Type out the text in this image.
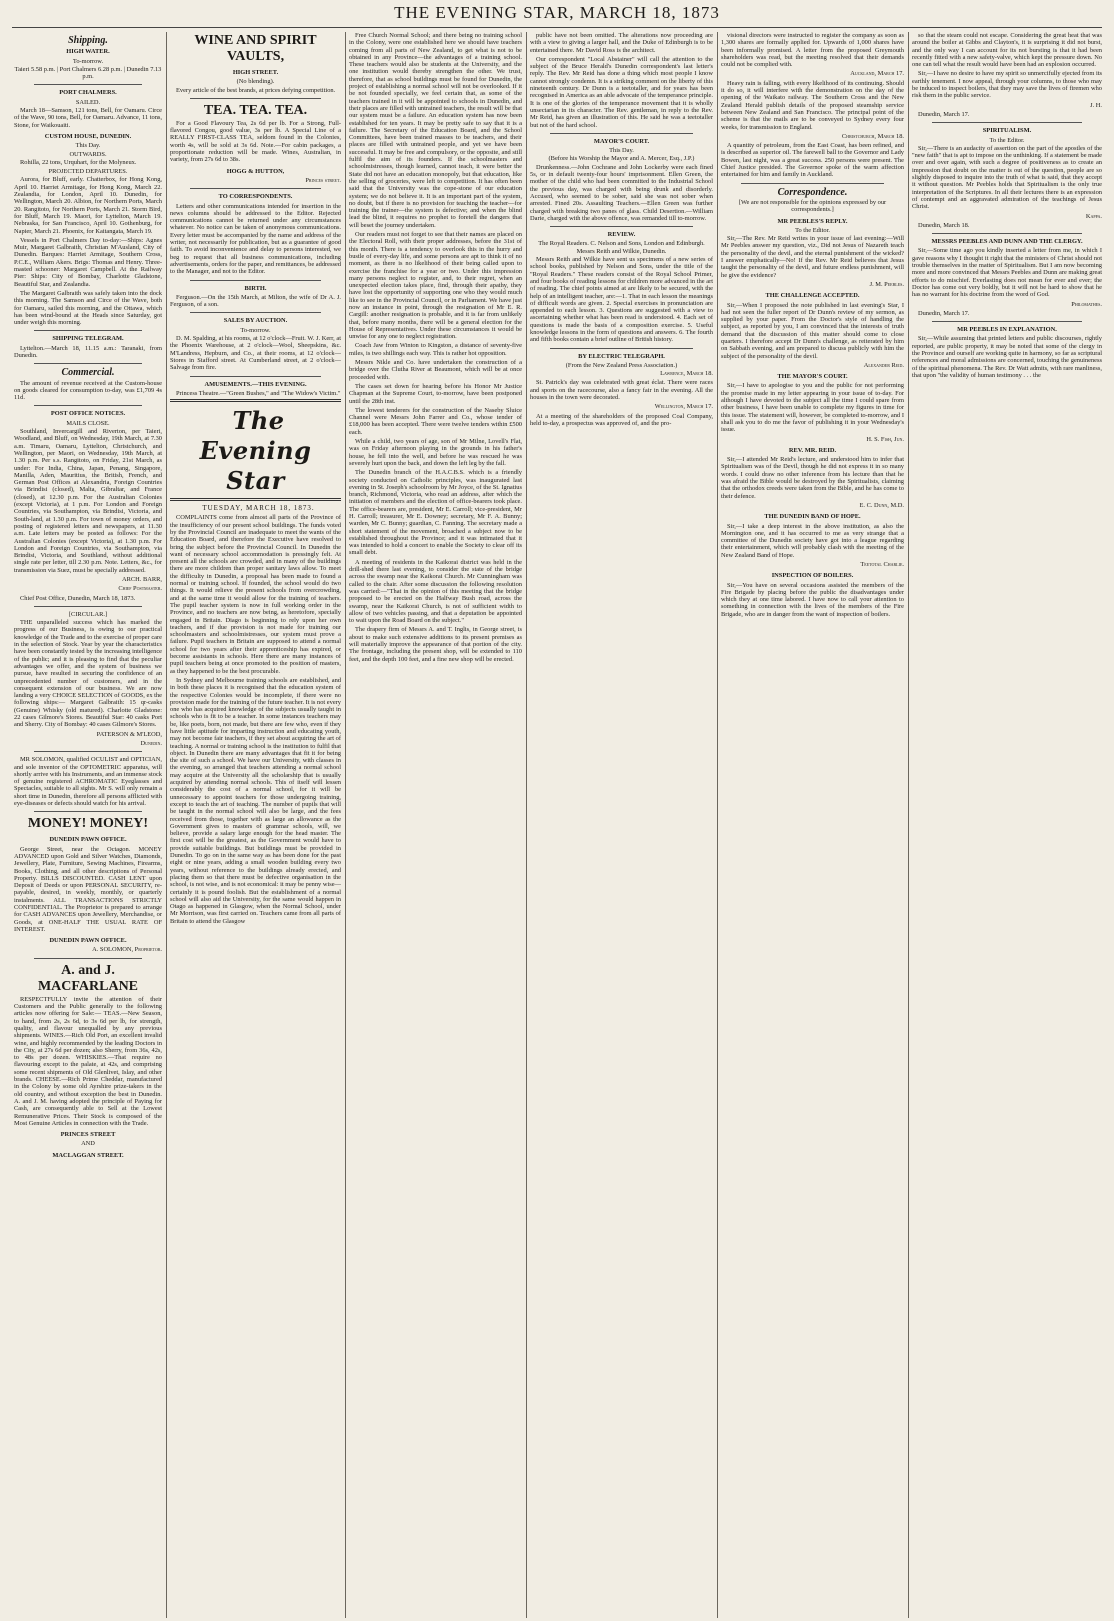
THE EVENING STAR, MARCH 18, 1873

Shipping.

HIGH WATER.

To-morrow.

Taieri 5.58 p.m. | Port Chalmers 6.28 p.m. | Dunedin 7.13 p.m.

PORT CHALMERS.

SAILED.

March 18—Samson, 121 tons, Bell, for Oamaru. Circe of the Wave, 90 tons, Bell, for Oamaru. Advance, 11 tons, Stone, for Waikouaiti.

CUSTOM HOUSE, DUNEDIN.

This Day.

OUTWARDS.

Rohilla, 22 tons, Urquhart, for the Molyneux.

PROJECTED DEPARTURES.

Aurora, for Bluff, early. Chatterbox, for Hong Kong, April 10. Harriet Armitage, for Hong Kong, March 22. Zealandia, for London, April 10. Dunedin, for Wellington, March 20. Albion, for Northern Ports, March 20. Rangitoto, for Northern Ports, March 21. Storm Bird, for Bluff, March 19. Maori, for Lyttelton, March 19. Nebraska, for San Francisco, April 10. Gothenburg, for Napier, March 21. Phoenix, for Kaitangata, March 19.

Vessels in Port Chalmers Day to-day:—Ships: Agnes Muir, Margaret Galbraith, Christian M'Ausland, City of Dunedin. Barques: Harriet Armitage, Southern Cross, P.C.E., William Akers. Brigs: Thomas and Henry. Three-masted schooner: Margaret Campbell. At the Railway Pier: Ships: City of Bombay, Charlotte Gladstone, Beautiful Star, and Zealandia.

The Margaret Galbraith was safely taken into the dock this morning. The Samson and Circe of the Wave, both for Oamaru, sailed this morning, and the Ottawa, which has been wind-bound at the Heads since Saturday, got under weigh this morning.

SHIPPING TELEGRAM.

Lyttelton.—March 18, 11.15 a.m.: Taranaki, from Dunedin.

Commercial.

The amount of revenue received at the Custom-house on goods cleared for consumption to-day, was £1,709 4s 11d.

POST OFFICE NOTICES.

MAILS CLOSE.

Southland, Invercargill and Riverton, per Taieri, Woodland, and Bluff, on Wednesday, 19th March, at 7.30 a.m. Timaru, Oamaru, Lyttelton, Christchurch, and Wellington, per Maori, on Wednesday, 19th March, at 1.30 p.m. Per s.s. Rangitoto, on Friday, 21st March, as under: For India, China, Japan, Penang, Singapore, Manilla, Aden, Mauritius, the British, French, and German Post Offices at Alexandria, Foreign Countries via Brindisi (closed), Malta, Gibraltar, and France (closed), at 12.30 p.m. For the Australian Colonies (except Victoria), at 1 p.m. For London and Foreign Countries, via Southampton, via Brindisi, Victoria, and South-land, at 1.30 p.m. For town of money orders, and posting of registered letters and newspapers, at 11.30 a.m. Late letters may be posted as follows: For the Australian Colonies (except Victoria), at 1.30 p.m. For London and Foreign Countries, via Southampton, via Brindisi, Victoria, and Southland, without additional single rate per letter, till 2.30 p.m. Note. Letters, &c., for transmission via Suez, must be specially addressed.

ARCH. BARR,

Chief Postmaster.

Chief Post Office, Dunedin, March 18, 1873.

[CIRCULAR.]

THE unparalleled success which has marked the progress of our Business, is owing to our practical knowledge of the Trade and to the exercise of proper care in the selection of Stock. Year by year the characteristics have been constantly tested by the increasing intelligence of the public; and it is pleasing to find that the peculiar advantages we offer, and the system of business we pursue, have resulted in securing the confidence of an unprecedented number of customers, and in the consequent extension of our business. We are now landing a very CHOICE SELECTION of GOODS, ex the following ships:— Margaret Galbraith: 15 qr-casks (Genuine) Whisky (old matured). Charlotte Gladstone: 22 cases Gilmore's Stores. Beautiful Star: 40 casks Port and Sherry. City of Bombay: 40 cases Gilmore's Stores.

PATERSON & M'LEOD,

Dunedin.

MR SOLOMON, qualified OCULIST and OPTICIAN, and sole inventor of the OPTOMETRIC apparatus, will shortly arrive with his Instruments, and an immense stock of genuine registered ACHROMATIC Eyeglasses and Spectacles, suitable to all sights. Mr S. will only remain a short time in Dunedin, therefore all persons afflicted with eye-diseases or defects should watch for his arrival.

MONEY! MONEY!

DUNEDIN PAWN OFFICE.

George Street, near the Octagon. MONEY ADVANCED upon Gold and Silver Watches, Diamonds, Jewellery, Plate, Furniture, Sewing Machines, Firearms, Books, Clothing, and all other descriptions of Personal Property. BILLS DISCOUNTED. CASH LENT upon Deposit of Deeds or upon PERSONAL SECURITY, re-payable, desired, in weekly, monthly, or quarterly instalments. ALL TRANSACTIONS STRICTLY CONFIDENTIAL. The Proprietor is prepared to arrange for CASH ADVANCES upon Jewellery, Merchandise, or Goods, at ONE-HALF THE USUAL RATE OF INTEREST.

DUNEDIN PAWN OFFICE.

A. SOLOMON, Proprietor.

A. and J. MACFARLANE

RESPECTFULLY invite the attention of their Customers and the Public generally to the following articles now offering for Sale:— TEAS.—New Season, to hand, from 2s, 2s 6d, to 3s 6d per lb, for strength, quality, and flavour unequalled by any previous shipments. WINES.—Rich Old Port, an excellent invalid wine, and highly recommended by the leading Doctors in the City, at 27s 6d per dozen; also Sherry, from 36s, 42s, to 48s per dozen. WHISKIES.—That require no flavouring except to the palate, at 42s, and comprising some recent shipments of Old Glenlivet, Islay, and other brands. CHEESE.—Rich Prime Cheddar, manufactured in the Colony by some old Ayrshire prize-takers in the old country, and without exception the best in Dunedin. A. and J. M. having adopted the principle of Paying for Cash, are consequently able to Sell at the Lowest Remunerative Prices. Their Stock is composed of the Most Genuine Articles in connection with the Trade.

PRINCES STREET

AND

MACLAGGAN STREET.

WINE AND SPIRIT VAULTS,

HIGH STREET.

(No blending).

Every article of the best brands, at prices defying competition.

TEA. TEA. TEA.

For a Good Flavoury Tea, 2s 6d per lb. For a Strong, Full-flavored Congou, good value, 3s per lb. A Special Line of a REALLY FIRST-CLASS TEA, seldom found in the Colonies, worth 4s, will be sold at 3s 6d. Note.—For cabin packages, a proportionate reduction will be made. Wines, Australian, in variety, from 27s 6d to 38s.

HOGG & HUTTON,

Princes street.

TO CORRESPONDENTS.

Letters and other communications intended for insertion in the news columns should be addressed to the Editor. Rejected communications cannot be returned under any circumstances whatever. No notice can be taken of anonymous communications. Every letter must be accompanied by the name and address of the writer, not necessarily for publication, but as a guarantee of good faith. To avoid inconvenience and delay to persons interested, we beg to request that all business communications, including advertisements, orders for the paper, and remittances, be addressed to the Manager, and not to the Editor.

BIRTH.

Ferguson.—On the 15th March, at Milton, the wife of Dr A. J. Ferguson, of a son.

SALES BY AUCTION.

To-morrow.

D. M. Spalding, at his rooms, at 12 o'clock—Fruit. W. J. Kerr, at the Phoenix Warehouse, at 2 o'clock—Wool, Sheepskins, &c. M'Landress, Hepburn, and Co., at their rooms, at 12 o'clock—Stores in Stafford street. At Cumberland street, at 2 o'clock—Salvage from fire.

AMUSEMENTS.—THIS EVENING.

Princess Theatre.—"Green Bushes," and "The Widow's Victim."

The Evening Star

TUESDAY, MARCH 18, 1873.

COMPLAINTS come from almost all parts of the Province of the insufficiency of our present school buildings. The funds voted by the Provincial Council are inadequate to meet the wants of the Education Board, and therefore the Executive have resolved to bring the subject before the Provincial Council. In Dunedin the want of necessary school accommodation is pressingly felt. At present all the schools are crowded, and in many of the buildings there are more children than proper sanitary laws allow. To meet the difficulty in Dunedin, a proposal has been made to found a normal or training school. If founded, the school would do two things. It would relieve the present schools from overcrowding, and at the same time it would allow for the training of teachers. The pupil teacher system is now in full working order in the Province, and no teachers are now being, as heretofore, specially engaged in Britain. Diago is beginning to rely upon her own teachers, and if due provision is not made for training our schoolmasters and schoolmistresses, our system must prove a failure. Pupil teachers in Britain are supposed to attend a normal school for two years after their apprenticeship has expired, or become assistants in schools. Here there are many instances of pupil teachers being at once promoted to the position of masters, as they happened to be the best procurable.

In Sydney and Melbourne training schools are established, and in both these places it is recognised that the education system of the respective Colonies would be incomplete, if there were no provision made for the training of the future teacher. It is not every one who has acquired knowledge of the subjects usually taught in schools who is fit to be a teacher. In some instances teachers may be, like poets, born, not made, but there are few who, even if they have little aptitude for imparting instruction and educating youth, may not become fair teachers, if they set about acquiring the art of teaching. A normal or training school is the institution to fulfil that object. In Dunedin there are many advantages that fit it for being the site of such a school. We have our University, with classes in the evening, so arranged that teachers attending a normal school may acquire at the University all the scholarship that is usually acquired by attending normal schools. This of itself will lessen considerably the cost of a normal school, for it will be unnecessary to appoint teachers for those undergoing training, except to teach the art of teaching. The number of pupils that will be taught in the normal school will also be large, and the fees received from those, together with as large an allowance as the Government gives to masters of grammar schools, will, we believe, provide a salary large enough for the head master. The first cost will be the greatest, as the Government would have to provide suitable buildings. But buildings must be provided in Dunedin. To go on in the same way as has been done for the past eight or nine years, adding a small wooden building every two years, without reference to the buildings already erected, and placing them so that there must be defective organisation in the school, is not wise, and is not economical: it may be penny wise—certainly it is pound foolish. But the establishment of a normal school will also aid the University, for the same would happen in Otago as happened in Glasgow, when the Normal School, under Mr Morrison, was first carried on. Teachers came from all parts of Britain to attend the Glasgow

Free Church Normal School; and there being no training school in the Colony, were one established here we should have teachers coming from all parts of New Zealand, to get what is not to be obtained in any Province—the advantages of a training school. These teachers would also be students at the University, and the one institution would thereby strengthen the other. We trust, therefore, that as school buildings must be found for Dunedin, the project of establishing a normal school will not be overlooked. If it be not founded specially, we feel certain that, as some of the teachers trained in it will be appointed to schools in Dunedin, and their places are filled with untrained teachers, the result will be that our system must be a failure. An education system has now been established for ten years. It may be pretty safe to say that it is a failure. The Secretary of the Education Board, and the School Committees, have been trained masses to be teachers, and their places are filled with untrained people, and yet we have been successful. It may be free and compulsory, or the opposite, and still fulfil the aim of its founders. If the schoolmasters and schoolmistresses, though learned, cannot teach, it were better the State did not have an education monopoly, but that education, like the selling of groceries, were left to competition. It has often been said that the University was the cope-stone of our education system; we do not believe it. It is an important part of the system, no doubt, but if there is no provision for teaching the teacher—for training the trainer—the system is defective; and when the blind lead the blind, it requires no prophet to foretell the dangers that will beset the journey undertaken.

Our readers must not forget to see that their names are placed on the Electoral Roll, with their proper addresses, before the 31st of this month. There is a tendency to overlook this in the hurry and bustle of every-day life, and some persons are apt to think it of no moment, as there is no likelihood of their being called upon to exercise the franchise for a year or two. Under this impression many persons neglect to register, and, to their regret, when an unexpected election takes place, find, through their apathy, they have lost the opportunity of supporting one who they would much like to see in the Provincial Council, or in Parliament. We have just now an instance in point, through the resignation of Mr E. R. Cargill: another resignation is probable, and it is far from unlikely that, before many months, there will be a general election for the House of Representatives. Under these circumstances it would be unwise for any one to neglect registration.

Coach Jaw from Winton to Kingston, a distance of seventy-five miles, is two shillings each way. This is rather hot opposition.

Messrs Nikle and Co. have undertaken the construction of a bridge over the Clutha River at Beaumont, which will be at once proceeded with.

The cases set down for hearing before his Honor Mr Justice Chapman at the Supreme Court, to-morrow, have been postponed until the 28th inst.

The lowest tenderers for the construction of the Naseby Sluice Channel were Messrs John Farrer and Co., whose tender of £18,000 has been accepted. There were twelve tenders within £500 each.

While a child, two years of age, son of Mr Milne, Lovell's Flat, was on Friday afternoon playing in the grounds in his father's house, he fell into the well, and before he was rescued he was severely hurt upon the back, and down the left leg by the fall.

The Dunedin branch of the H.A.C.B.S. which is a friendly society conducted on Catholic principles, was inaugurated last evening in St. Joseph's schoolroom by Mr Joyce, of the St. Ignatius branch, Richmond, Victoria, who read an address, after which the initiation of members and the election of office-bearers took place. The office-bearers are, president, Mr E. Carroll; vice-president, Mr H. Carroll; treasurer, Mr E. Downey; secretary, Mr F. A. Bunny; warden, Mr C. Bunny; guardian, C. Fanning. The secretary made a short statement of the movement, broached a subject now to be established throughout the Province; and it was intimated that it was intended to hold a concert to enable the Society to clear off its small debt.

A meeting of residents in the Kaikorai district was held in the drill-shed there last evening, to consider the state of the bridge across the swamp near the Kaikorai Church. Mr Cunningham was called to the chair. After some discussion the following resolution was carried:—"That in the opinion of this meeting that the bridge proposed to be erected on the Halfway Bush road, across the swamp, near the Kaikorai Church, is not of sufficient width to allow of two vehicles passing, and that a deputation be appointed to wait upon the Road Board on the subject."

The drapery firm of Messrs A. and T. Inglis, in George street, is about to make such extensive additions to its present premises as will materially improve the appearance of that portion of the city. The frontage, including the present shop, will be extended to 110 feet, and the depth 100 feet, and a fine new shop will be erected.

public have not been omitted. The alterations now proceeding are with a view to giving a larger hall, and the Duke of Edinburgh is to be entertained there. Mr David Ross is the architect.

Our correspondent "Local Abstainer" will call the attention to the subject of the Bruce Herald's Dunedin correspondent's last letter's reply. The Rev. Mr Reid has done a thing which most people I know cannot strongly condemn. It is a striking comment on the liberty of this nineteenth century. Dr Dunn is a teetotaller, and for years has been recognised in America as an able advocate of the temperance principle. It is one of the glories of the temperance movement that it is wholly unsectarian in its character. The Rev. gentleman, in reply to the Rev. Mr Reid, has given an illustration of this. He said he was a teetotaller but not of the hard school.

MAYOR'S COURT.

This Day.

(Before his Worship the Mayor and A. Mercer, Esq., J.P.)

Drunkenness.—John Cochrane and John Lockerby were each fined 5s, or in default twenty-four hours' imprisonment. Ellen Green, the mother of the child who had been committed to the Industrial School the previous day, was charged with being drunk and disorderly. Accused, who seemed to be sober, said she was not sober when arrested. Fined 20s. Assaulting Teachers.—Ellen Green was further charged with breaking two panes of glass. Child Desertion.—William Darie, charged with the above offence, was remanded till to-morrow.

REVIEW.

The Royal Readers. C. Nelson and Sons, London and Edinburgh. Messrs Reith and Wilkie, Dunedin.

Messrs Reith and Wilkie have sent us specimens of a new series of school books, published by Nelson and Sons, under the title of the "Royal Readers." These readers consist of the Royal School Primer, and four books of reading lessons for children more advanced in the art of reading. The chief points aimed at are likely to be secured, with the help of an intelligent teacher, are:—1. That in each lesson the meanings of difficult words are given. 2. Special exercises in pronunciation are appended to each lesson. 3. Questions are suggested with a view to ascertaining whether what has been read is understood. 4. Each set of questions is made the basis of a composition exercise. 5. Useful knowledge lessons in the form of questions and answers. 6. The fourth and fifth books contain a brief outline of British history.

BY ELECTRIC TELEGRAPH.

(From the New Zealand Press Association.)

Lawrence, March 18.

St. Patrick's day was celebrated with great éclat. There were races and sports on the racecourse, also a fancy fair in the evening. All the houses in the town were decorated.

Wellington, March 17.

At a meeting of the shareholders of the proposed Coal Company, held to-day, a prospectus was approved of, and the pro-

visional directors were instructed to register the company as soon as 1,300 shares are formally applied for. Upwards of 1,000 shares have been informally promised. A letter from the proposed Greymouth shareholders was read, but the meeting resolved that their demands could not be complied with.

Auckland, March 17.

Heavy rain is falling, with every likelihood of its continuing. Should it do so, it will interfere with the demonstration on the day of the opening of the Waikato railway. The Southern Cross and the New Zealand Herald publish details of the proposed steamship service between New Zealand and San Francisco. The principal point of the scheme is that the mails are to be conveyed to Sydney every four weeks, for transmission to England.

Christchurch, March 18.

A quantity of petroleum, from the East Coast, has been refined, and is described as superior oil. The farewell ball to the Governor and Lady Bowen, last night, was a great success. 250 persons were present. The Chief Justice presided. The Governor spoke of the warm affection entertained for him and family in Auckland.

Correspondence.

[We are not responsible for the opinions expressed by our correspondents.]

MR PEEBLES'S REPLY.

To the Editor.

Sir,—The Rev. Mr Reid writes in your issue of last evening:—Will Mr Peebles answer my question, viz., Did not Jesus of Nazareth teach the personality of the devil, and the eternal punishment of the wicked? I answer emphatically—No! If the Rev. Mr Reid believes that Jesus taught the personality of the devil, and future endless punishment, will he give the evidence?

J. M. Peebles.

THE CHALLENGE ACCEPTED.

Sir,—When I proposed the note published in last evening's Star, I had not seen the fuller report of Dr Dunn's review of my sermon, as supplied by your paper. From the Doctor's style of handling the subject, as reported by you, I am convinced that the interests of truth demand that the discussion of this matter should come to close quarters. I therefore accept Dr Dunn's challenge, as reiterated by him on Sabbath evening, and am prepared to discuss publicly with him the subject of the personality of the devil.

Alexander Reid.

THE MAYOR'S COURT.

Sir,—I have to apologise to you and the public for not performing the promise made in my letter appearing in your issue of to-day. For although I have devoted to the subject all the time I could spare from other business, I have been unable to complete my figures in time for this issue. The statement will, however, be completed to-morrow, and I shall ask you to do me the favor of publishing it in your Wednesday's issue.

H. S. Fish, Jun.

REV. MR. REID.

Sir,—I attended Mr Reid's lecture, and understood him to infer that Spiritualism was of the Devil, though he did not express it in so many words. I could draw no other inference from his lecture than that he was afraid the Bible would be destroyed by the Spiritualists, claiming that the orthodox creeds were taken from the Bible, and he has come to their defence.

E. C. Dunn, M.D.

THE DUNEDIN BAND OF HOPE.

Sir,—I take a deep interest in the above institution, as also the Mornington one, and it has occurred to me as very strange that a committee of the Dunedin society have got into a league regarding their entertainment, which will probably clash with the meeting of the New Zealand Band of Hope.

Teetotal Charlie.

INSPECTION OF BOILERS.

Sir,—You have on several occasions assisted the members of the Fire Brigade by placing before the public the disadvantages under which they at one time labored. I have now to call your attention to something in connection with the lives of the members of the Fire Brigade, who are in danger from the want of inspection of boilers.

so that the steam could not escape. Considering the great heat that was around the boiler at Gibbs and Clayton's, it is surprising it did not burst, and the only way I can account for its not bursting is that it had been recently fitted with a new safety-valve, which kept the pressure down. No one can tell what the result would have been had an explosion occurred.

Sir,—I have no desire to have my spirit so unmercifully ejected from its earthly tenement. I now appeal, through your columns, to those who may be induced to inspect boilers, that they may save the lives of firemen who risk them in the public service.

J. H.

Dunedin, March 17.

SPIRITUALISM.

To the Editor.

Sir,—There is an audacity of assertion on the part of the apostles of the "new faith" that is apt to impose on the unthinking. If a statement be made over and over again, with such a degree of positiveness as to create an impression that doubt on the matter is out of the question, people are so slightly disposed to inquire into the truth of what is said, that they accept it without question. Mr Peebles holds that Spiritualism is the only true interpretation of the Scriptures. In all their lectures there is an expression of contempt and an aggravated admiration of the teachings of Jesus Christ.

Kappa.

Dunedin, March 18.

MESSRS PEEBLES AND DUNN AND THE CLERGY.

Sir,—Some time ago you kindly inserted a letter from me, in which I gave reasons why I thought it right that the ministers of Christ should not trouble themselves in the matter of Spiritualism. But I am now becoming more and more convinced that Messrs Peebles and Dunn are making great efforts to do mischief. Everlasting does not mean for ever and ever; the Doctor has come out very boldly, but it will not be hard to show that he has no warrant for his doctrine from the word of God.

Philomathes.

Dunedin, March 17.

MR PEEBLES IN EXPLANATION.

Sir,—While assuming that printed letters and public discourses, rightly reported, are public property, it may be noted that some of the clergy in the Province and ourself are working quite in harmony, so far as scriptural references and moral admissions are concerned, touching the genuineness of the spiritual phenomena. The Rev. Dr Watt admits, with rare manliness, that upon "the validity of human testimony . . . the
